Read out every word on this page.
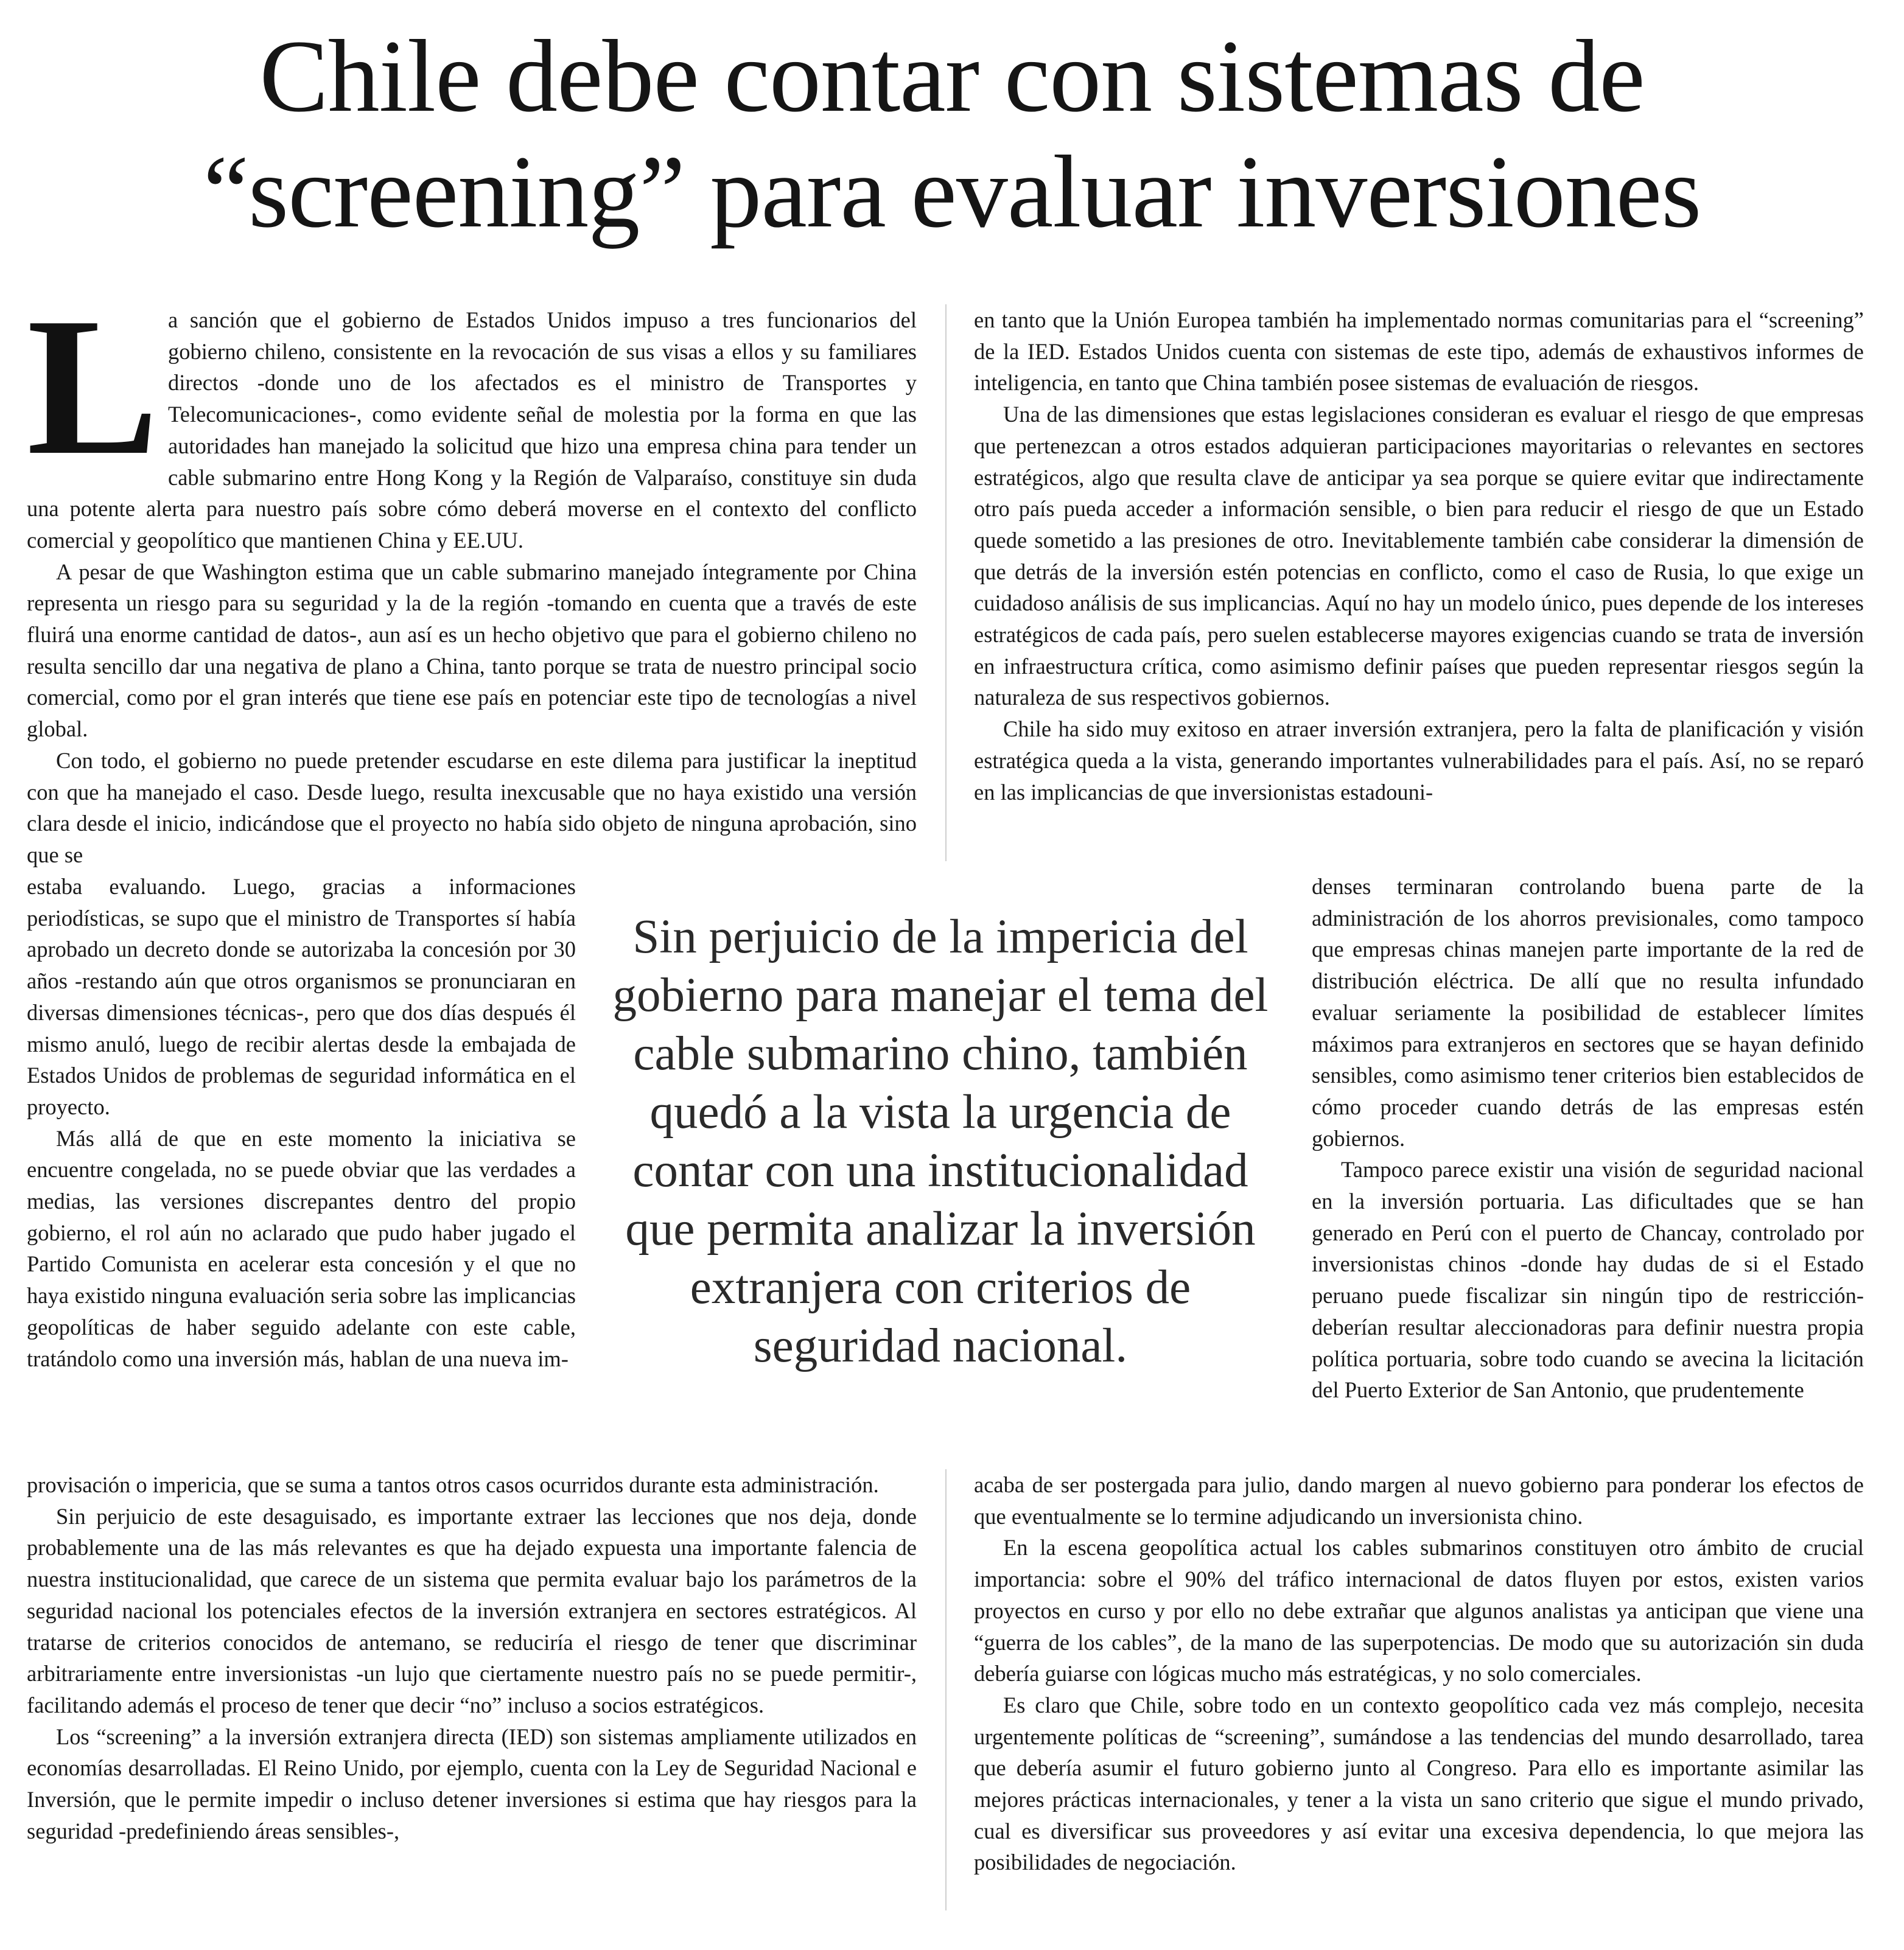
Chile debe contar con sistemas de
“screening” para evaluar inversiones

La sanción que el gobierno de Estados Unidos impuso a tres funcionarios del gobierno chileno, consistente en la revocación de sus visas a ellos y su familiares directos -donde uno de los afectados es el ministro de Transportes y Telecomunicaciones-, como evidente señal de molestia por la forma en que las autoridades han manejado la solicitud que hizo una empresa china para tender un cable submarino entre Hong Kong y la Región de Valparaíso, constituye sin duda una potente alerta para nuestro país sobre cómo deberá moverse en el contexto del conflicto comercial y geopolítico que mantienen China y EE.UU.

A pesar de que Washington estima que un cable submarino manejado íntegramente por China representa un riesgo para su seguridad y la de la región -tomando en cuenta que a través de este fluirá una enorme cantidad de datos-, aun así es un hecho objetivo que para el gobierno chileno no resulta sencillo dar una negativa de plano a China, tanto porque se trata de nuestro principal socio comercial, como por el gran interés que tiene ese país en potenciar este tipo de tecnologías a nivel global.

Con todo, el gobierno no puede pretender escudarse en este dilema para justificar la ineptitud con que ha manejado el caso. Desde luego, resulta inexcusable que no haya existido una versión clara desde el inicio, indicándose que el proyecto no había sido objeto de ninguna aprobación, sino que se

estaba evaluando. Luego, gracias a informaciones periodísticas, se supo que el ministro de Transportes sí había aprobado un decreto donde se autorizaba la concesión por 30 años -restando aún que otros organismos se pronunciaran en diversas dimensiones técnicas-, pero que dos días después él mismo anuló, luego de recibir alertas desde la embajada de Estados Unidos de problemas de seguridad informática en el proyecto.

Más allá de que en este momento la iniciativa se encuentre congelada, no se puede obviar que las verdades a medias, las versiones discrepantes dentro del propio gobierno, el rol aún no aclarado que pudo haber jugado el Partido Comunista en acelerar esta concesión y el que no haya existido ninguna evaluación seria sobre las implicancias geopolíticas de haber seguido adelante con este cable, tratándolo como una inversión más, hablan de una nueva im-

provisación o impericia, que se suma a tantos otros casos ocurridos durante esta administración.

Sin perjuicio de este desaguisado, es importante extraer las lecciones que nos deja, donde probablemente una de las más relevantes es que ha dejado expuesta una importante falencia de nuestra institucionalidad, que carece de un sistema que permita evaluar bajo los parámetros de la seguridad nacional los potenciales efectos de la inversión extranjera en sectores estratégicos. Al tratarse de criterios conocidos de antemano, se reduciría el riesgo de tener que discriminar arbitrariamente entre inversionistas -un lujo que ciertamente nuestro país no se puede permitir-, facilitando además el proceso de tener que decir “no” incluso a socios estratégicos.

Los “screening” a la inversión extranjera directa (IED) son sistemas ampliamente utilizados en economías desarrolladas. El Reino Unido, por ejemplo, cuenta con la Ley de Seguridad Nacional e Inversión, que le permite impedir o incluso detener inversiones si estima que hay riesgos para la seguridad -predefiniendo áreas sensibles-,

en tanto que la Unión Europea también ha implementado normas comunitarias para el “screening” de la IED. Estados Unidos cuenta con sistemas de este tipo, además de exhaustivos informes de inteligencia, en tanto que China también posee sistemas de evaluación de riesgos.

Una de las dimensiones que estas legislaciones consideran es evaluar el riesgo de que empresas que pertenezcan a otros estados adquieran participaciones mayoritarias o relevantes en sectores estratégicos, algo que resulta clave de anticipar ya sea porque se quiere evitar que indirectamente otro país pueda acceder a información sensible, o bien para reducir el riesgo de que un Estado quede sometido a las presiones de otro. Inevitablemente también cabe considerar la dimensión de que detrás de la inversión estén potencias en conflicto, como el caso de Rusia, lo que exige un cuidadoso análisis de sus implicancias. Aquí no hay un modelo único, pues depende de los intereses estratégicos de cada país, pero suelen establecerse mayores exigencias cuando se trata de inversión en infraestructura crítica, como asimismo definir países que pueden representar riesgos según la naturaleza de sus respectivos gobiernos.

Chile ha sido muy exitoso en atraer inversión extranjera, pero la falta de planificación y visión estratégica queda a la vista, generando importantes vulnerabilidades para el país. Así, no se reparó en las implicancias de que inversionistas estadouni-

denses terminaran controlando buena parte de la administración de los ahorros previsionales, como tampoco que empresas chinas manejen parte importante de la red de distribución eléctrica. De allí que no resulta infundado evaluar seriamente la posibilidad de establecer límites máximos para extranjeros en sectores que se hayan definido sensibles, como asimismo tener criterios bien establecidos de cómo proceder cuando detrás de las empresas estén gobiernos.

Tampoco parece existir una visión de seguridad nacional en la inversión portuaria. Las dificultades que se han generado en Perú con el puerto de Chancay, controlado por inversionistas chinos -donde hay dudas de si el Estado peruano puede fiscalizar sin ningún tipo de restricción- deberían resultar aleccionadoras para definir nuestra propia política portuaria, sobre todo cuando se avecina la licitación del Puerto Exterior de San Antonio, que prudentemente

acaba de ser postergada para julio, dando margen al nuevo gobierno para ponderar los efectos de que eventualmente se lo termine adjudicando un inversionista chino.

En la escena geopolítica actual los cables submarinos constituyen otro ámbito de crucial importancia: sobre el 90% del tráfico internacional de datos fluyen por estos, existen varios proyectos en curso y por ello no debe extrañar que algunos analistas ya anticipan que viene una “guerra de los cables”, de la mano de las superpotencias. De modo que su autorización sin duda debería guiarse con lógicas mucho más estratégicas, y no solo comerciales.

Es claro que Chile, sobre todo en un contexto geopolítico cada vez más complejo, necesita urgentemente políticas de “screening”, sumándose a las tendencias del mundo desarrollado, tarea que debería asumir el futuro gobierno junto al Congreso. Para ello es importante asimilar las mejores prácticas internacionales, y tener a la vista un sano criterio que sigue el mundo privado, cual es diversificar sus proveedores y así evitar una excesiva dependencia, lo que mejora las posibilidades de negociación.

Sin perjuicio de la impericia del gobierno para manejar el tema del cable submarino chino, también quedó a la vista la urgencia de contar con una institucionalidad que permita analizar la inversión extranjera con criterios de seguridad nacional.
